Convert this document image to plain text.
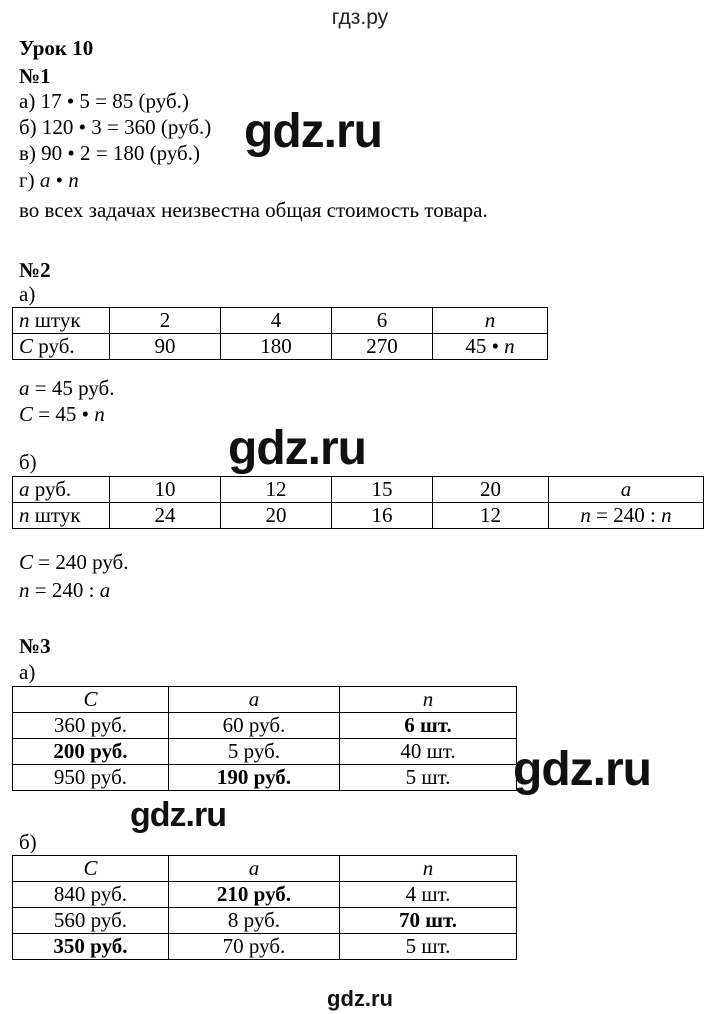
гдз.ру
Урок 10
№1
а) 17 • 5 = 85 (руб.)
б) 120 • 3 = 360 (руб.)
в) 90 • 2 = 180 (руб.)
г) a • n
во всех задачах неизвестна общая стоимость товара.
gdz.ru
№2
а)
n штук	2	4	6	n
C руб.	90	180	270	45 • n
a = 45 руб.
C = 45 • n
gdz.ru
б)
a руб.	10	12	15	20	a
n штук	24	20	16	12	n = 240 : n
C = 240 руб.
n = 240 : a
№3
а)
C	a	n
360 руб.	60 руб.	6 шт.
200 руб.	5 руб.	40 шт.
950 руб.	190 руб.	5 шт. gdz.ru
gdz.ru
б)
C	a	n
840 руб.	210 руб.	4 шт.
560 руб.	8 руб.	70 шт.
350 руб.	70 руб.	5 шт.
gdz.ru
